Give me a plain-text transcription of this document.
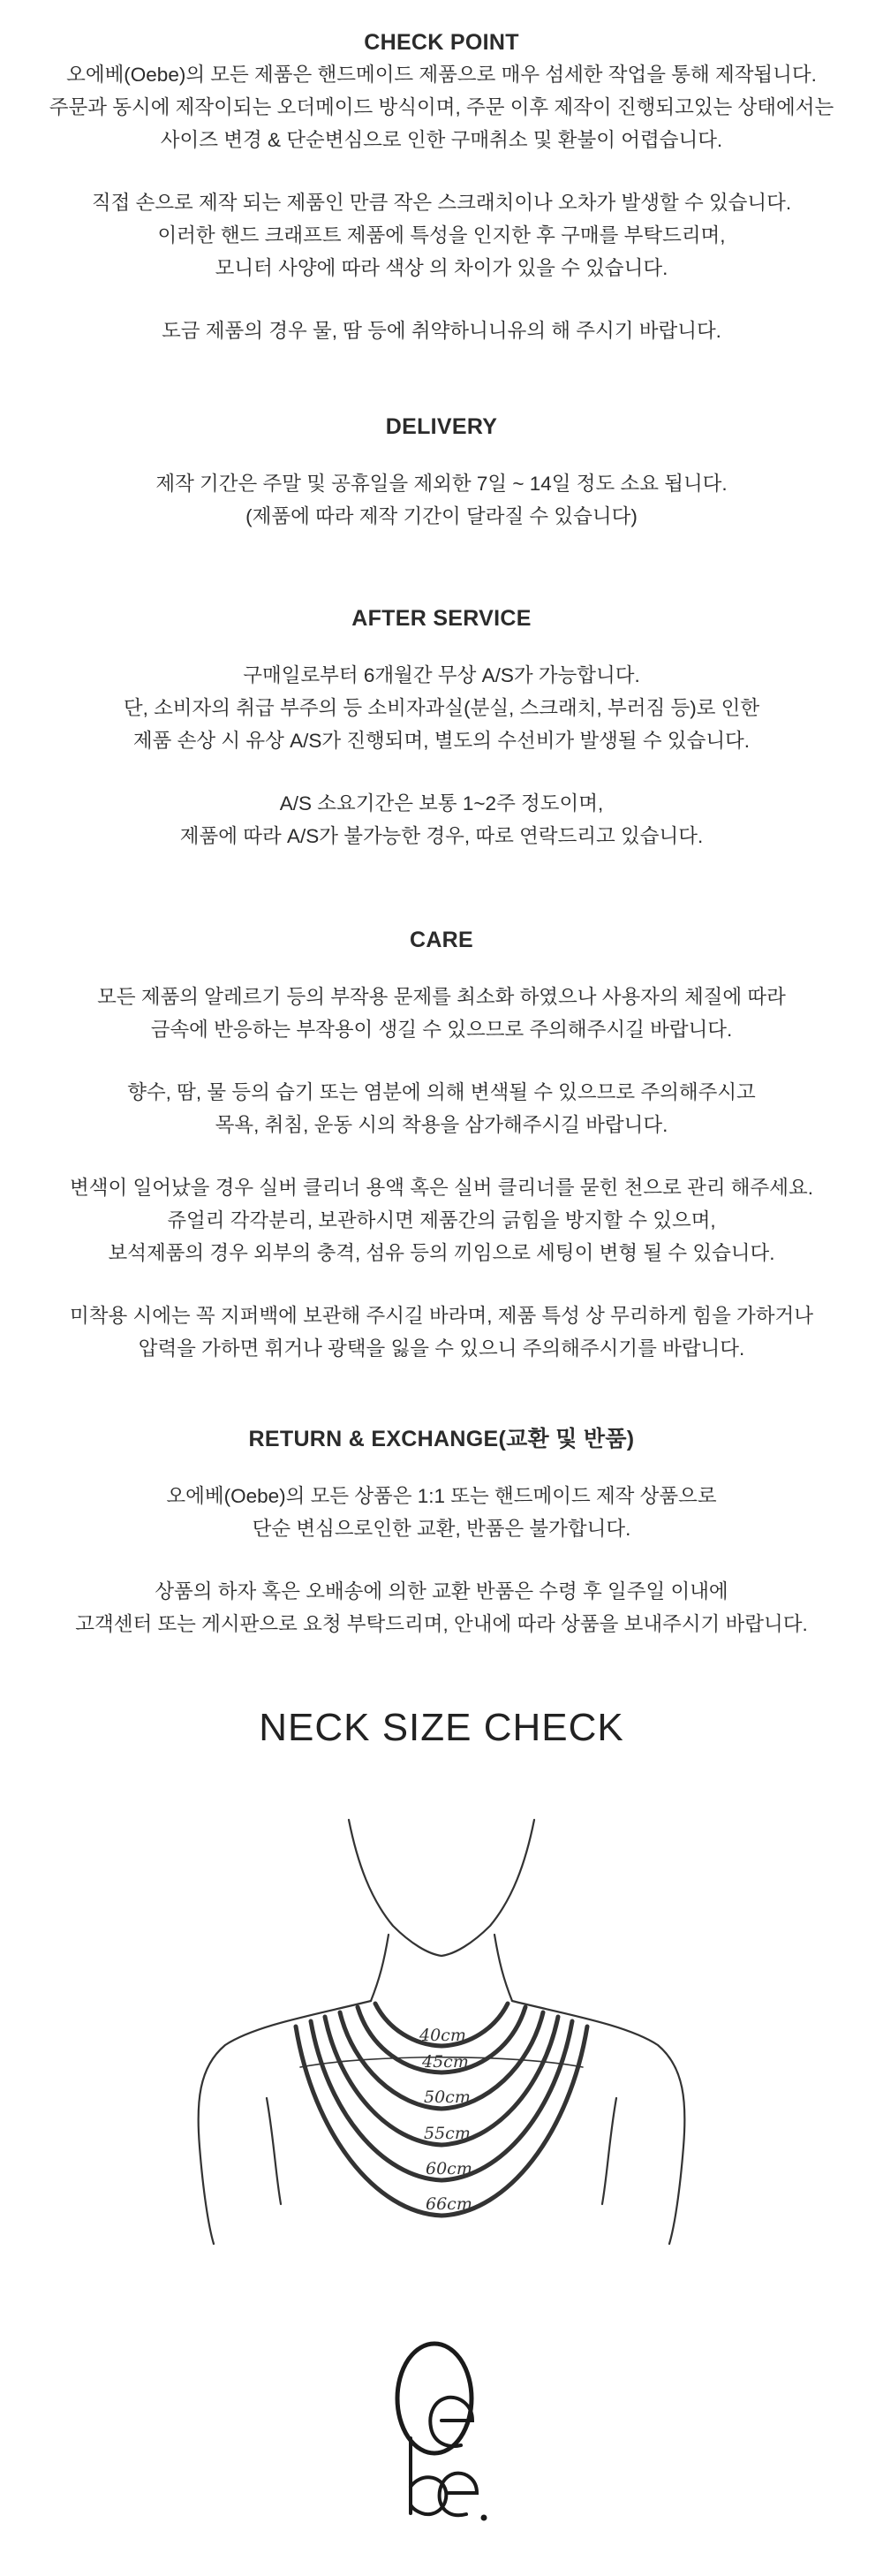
CHECK POINT

오에베(Oebe)의 모든 제품은 핸드메이드 제품으로 매우 섬세한 작업을 통해 제작됩니다.
주문과 동시에 제작이되는 오더메이드 방식이며, 주문 이후 제작이 진행되고있는 상태에서는
사이즈 변경 & 단순변심으로 인한 구매취소 및 환불이 어렵습니다.

직접 손으로 제작 되는 제품인 만큼 작은 스크래치이나 오차가 발생할 수 있습니다.
이러한 핸드 크래프트 제품에 특성을 인지한 후 구매를 부탁드리며,
모니터 사양에 따라 색상 의 차이가 있을 수 있습니다.

도금 제품의 경우 물, 땀 등에 취약하니니유의 해 주시기 바랍니다.

DELIVERY

제작 기간은 주말 및 공휴일을 제외한 7일 ~ 14일 정도 소요 됩니다.
(제품에 따라 제작 기간이 달라질 수 있습니다)

AFTER SERVICE

구매일로부터 6개월간 무상 A/S가 가능합니다.
단, 소비자의 취급 부주의 등 소비자과실(분실, 스크래치, 부러짐 등)로 인한
제품 손상 시 유상 A/S가 진행되며, 별도의 수선비가 발생될 수 있습니다.

A/S 소요기간은 보통 1~2주 정도이며,
제품에 따라 A/S가 불가능한 경우, 따로 연락드리고 있습니다.

CARE

모든 제품의 알레르기 등의 부작용 문제를 최소화 하였으나 사용자의 체질에 따라
금속에 반응하는 부작용이 생길 수 있으므로 주의해주시길 바랍니다.

향수, 땀, 물 등의 습기 또는 염분에 의해 변색될 수 있으므로 주의해주시고
목욕, 취침, 운동 시의 착용을 삼가해주시길 바랍니다.

변색이 일어났을 경우 실버 클리너 용액 혹은 실버 클리너를 묻힌 천으로 관리 해주세요.
쥬얼리 각각분리, 보관하시면 제품간의 긁힘을 방지할 수 있으며,
보석제품의 경우 외부의 충격, 섬유 등의 끼임으로 세팅이 변형 될 수 있습니다.

미착용 시에는 꼭 지퍼백에 보관해 주시길 바라며, 제품 특성 상 무리하게 힘을 가하거나
압력을 가하면 휘거나 광택을 잃을 수 있으니 주의해주시기를 바랍니다.

RETURN & EXCHANGE(교환 및 반품)

오에베(Oebe)의 모든 상품은 1:1 또는 핸드메이드 제작 상품으로
단순 변심으로인한 교환, 반품은 불가합니다.

상품의 하자 혹은 오배송에 의한 교환 반품은 수령 후 일주일 이내에
고객센터 또는 게시판으로 요청 부탁드리며, 안내에 따라 상품을 보내주시기 바랍니다.

NECK SIZE CHECK
40cm
45cm
50cm
55cm
60cm
66cm
